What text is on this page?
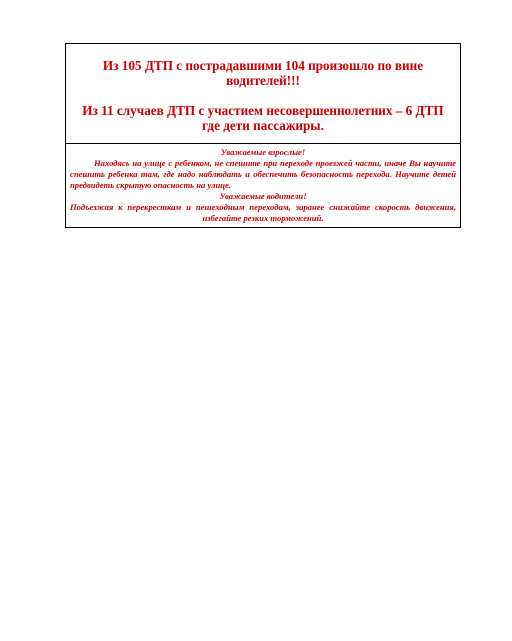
Из 105 ДТП с пострадавшими 104 произошло по вине водителей!!!

Из 11 случаев ДТП с участием несовершеннолетних – 6 ДТП где дети пассажиры.

Уважаемые взрослые!

Находясь на улице с ребенком, не спешите при переходе проезжей части, иначе Вы научите спешить ребенка там, где надо наблюдать и обеспечить безопасность перехода. Научите детей предвидеть скрытую опасность на улице.

Уважаемые водители!

Подъезжая к перекресткам и пешеходным переходам, заранее снижайте скорость движения, избегайте резких торможений.
